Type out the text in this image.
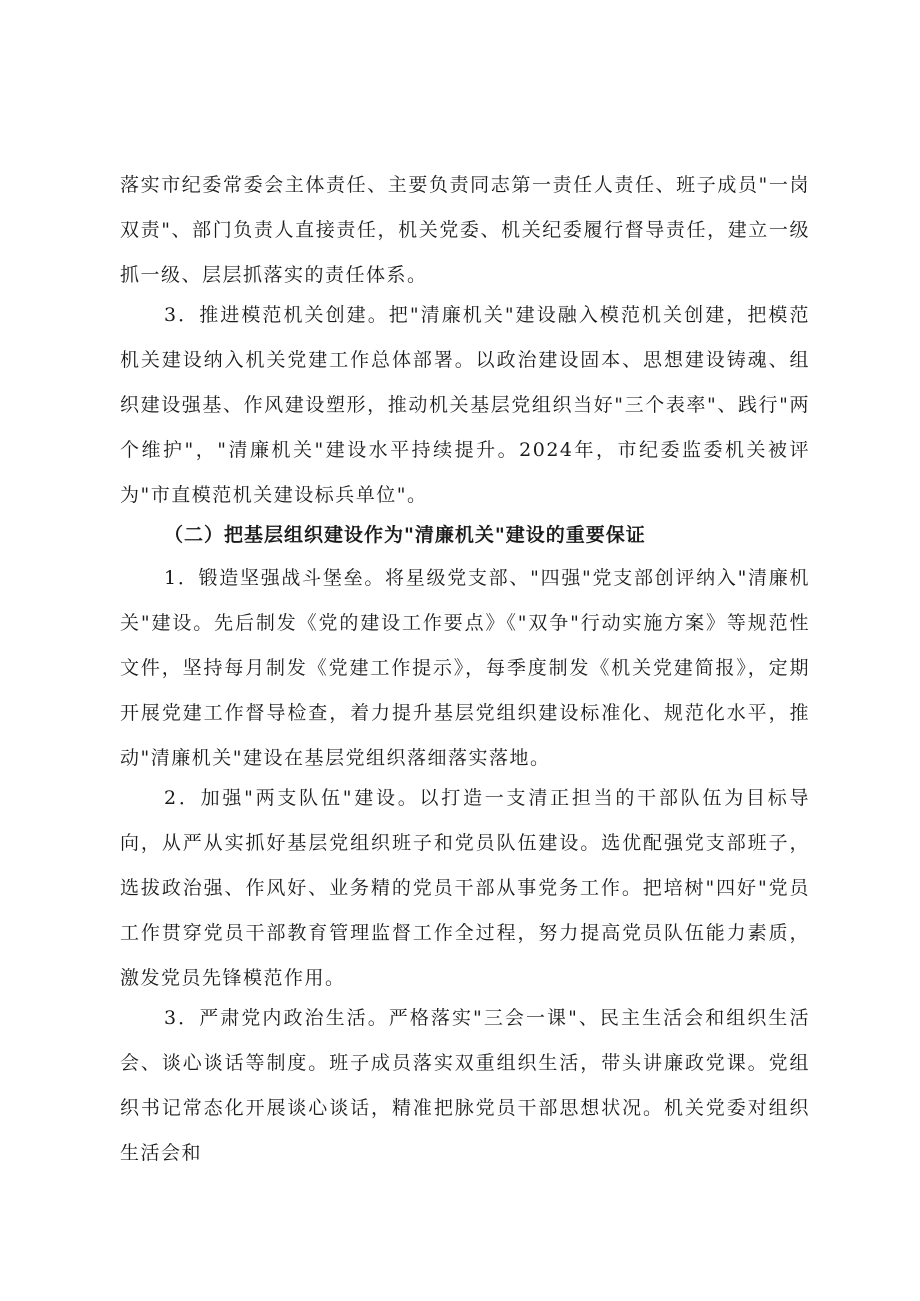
落实市纪委常委会主体责任、主要负责同志第一责任人责任、班子成员"一岗双责"、部门负责人直接责任，机关党委、机关纪委履行督导责任，建立一级抓一级、层层抓落实的责任体系。

3．推进模范机关创建。把"清廉机关"建设融入模范机关创建，把模范机关建设纳入机关党建工作总体部署。以政治建设固本、思想建设铸魂、组织建设强基、作风建设塑形，推动机关基层党组织当好"三个表率"、践行"两个维护"，"清廉机关"建设水平持续提升。2024年，市纪委监委机关被评为"市直模范机关建设标兵单位"。

（二）把基层组织建设作为"清廉机关"建设的重要保证

1．锻造坚强战斗堡垒。将星级党支部、"四强"党支部创评纳入"清廉机关"建设。先后制发《党的建设工作要点》《"双争"行动实施方案》等规范性文件，坚持每月制发《党建工作提示》，每季度制发《机关党建简报》，定期开展党建工作督导检查，着力提升基层党组织建设标准化、规范化水平，推动"清廉机关"建设在基层党组织落细落实落地。

2．加强"两支队伍"建设。以打造一支清正担当的干部队伍为目标导向，从严从实抓好基层党组织班子和党员队伍建设。选优配强党支部班子，选拔政治强、作风好、业务精的党员干部从事党务工作。把培树"四好"党员工作贯穿党员干部教育管理监督工作全过程，努力提高党员队伍能力素质，激发党员先锋模范作用。

3．严肃党内政治生活。严格落实"三会一课"、民主生活会和组织生活会、谈心谈话等制度。班子成员落实双重组织生活，带头讲廉政党课。党组织书记常态化开展谈心谈话，精准把脉党员干部思想状况。机关党委对组织生活会和
